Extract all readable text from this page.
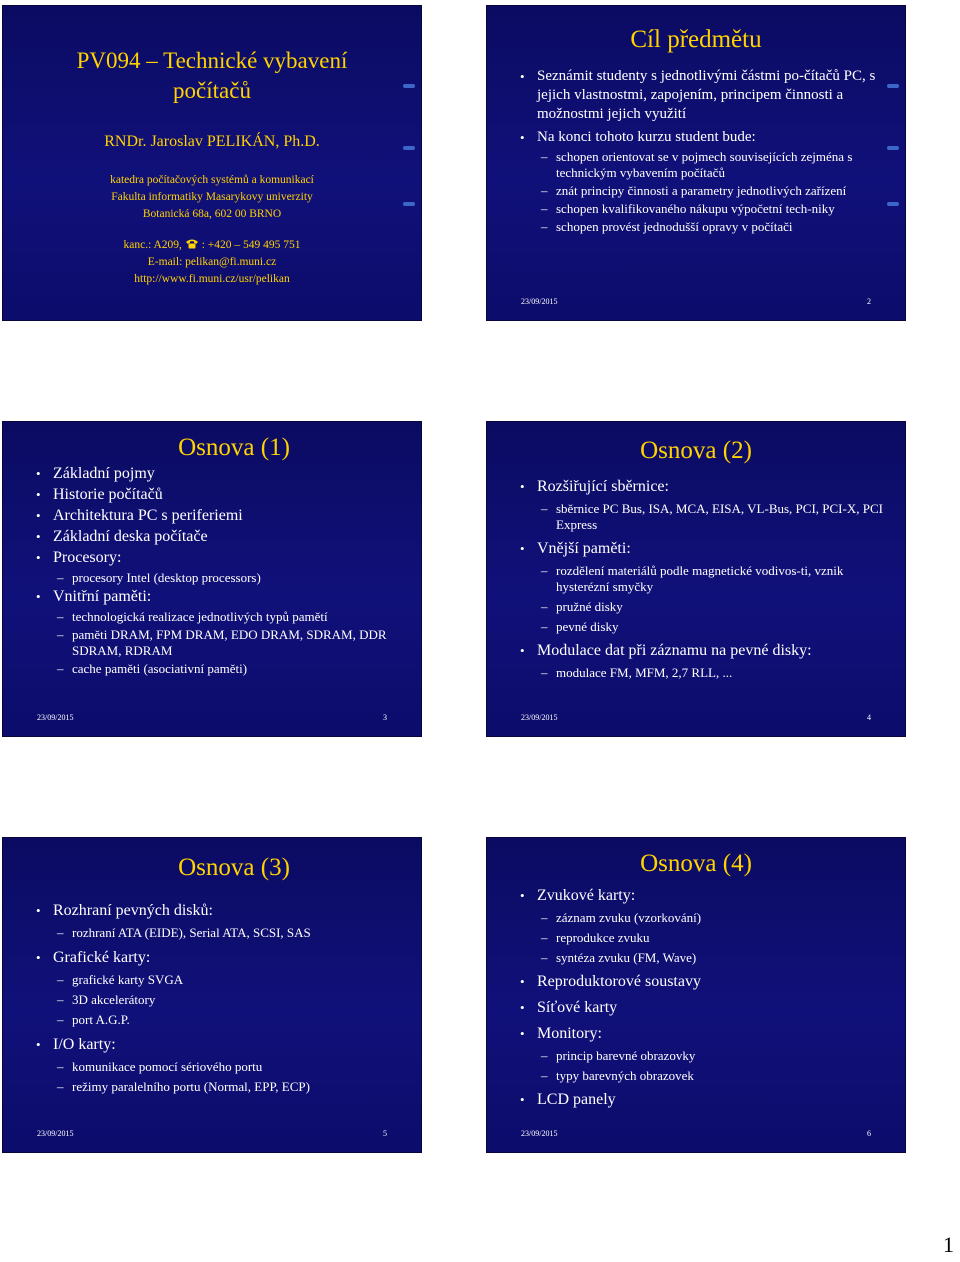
PV094 – Technické vybavení
počítačů
RNDr. Jaroslav PELIKÁN, Ph.D.
katedra počítačových systémů a komunikací
Fakulta informatiky Masarykovy univerzity
Botanická 68a, 602 00 BRNO
kanc.: A209, : +420 – 549 495 751
E-mail: pelikan@fi.muni.cz
http://www.fi.muni.cz/usr/pelikan
Cíl předmětu
• Seznámit studenty s jednotlivými částmi po-čítačů PC, s jejich vlastnostmi, zapojením, principem činnosti a možnostmi jejich využití
• Na konci tohoto kurzu student bude:
– schopen orientovat se v pojmech souvisejících zejména s technickým vybavením počítačů
– znát principy činnosti a parametry jednotlivých zařízení
– schopen kvalifikovaného nákupu výpočetní tech-niky
– schopen provést jednodušší opravy v počítači
23/09/2015	2
Osnova (1)
• Základní pojmy
• Historie počítačů
• Architektura PC s periferiemi
• Základní deska počítače
• Procesory:
– procesory Intel (desktop processors)
• Vnitřní paměti:
– technologická realizace jednotlivých typů pamětí
– paměti DRAM, FPM DRAM, EDO DRAM, SDRAM, DDR SDRAM, RDRAM
– cache paměti (asociativní paměti)
23/09/2015	3
Osnova (2)
• Rozšiřující sběrnice:
– sběrnice PC Bus, ISA, MCA, EISA, VL-Bus, PCI, PCI-X, PCI Express
• Vnější paměti:
– rozdělení materiálů podle magnetické vodivos-ti, vznik hysterézní smyčky
– pružné disky
– pevné disky
• Modulace dat při záznamu na pevné disky:
– modulace FM, MFM, 2,7 RLL, ...
23/09/2015	4
Osnova (3)
• Rozhraní pevných disků:
– rozhraní ATA (EIDE), Serial ATA, SCSI, SAS
• Grafické karty:
– grafické karty SVGA
– 3D akcelerátory
– port A.G.P.
• I/O karty:
– komunikace pomocí sériového portu
– režimy paralelního portu (Normal, EPP, ECP)
23/09/2015	5
Osnova (4)
• Zvukové karty:
– záznam zvuku (vzorkování)
– reprodukce zvuku
– syntéza zvuku (FM, Wave)
• Reproduktorové soustavy
• Síťové karty
• Monitory:
– princip barevné obrazovky
– typy barevných obrazovek
• LCD panely
23/09/2015	6
1
